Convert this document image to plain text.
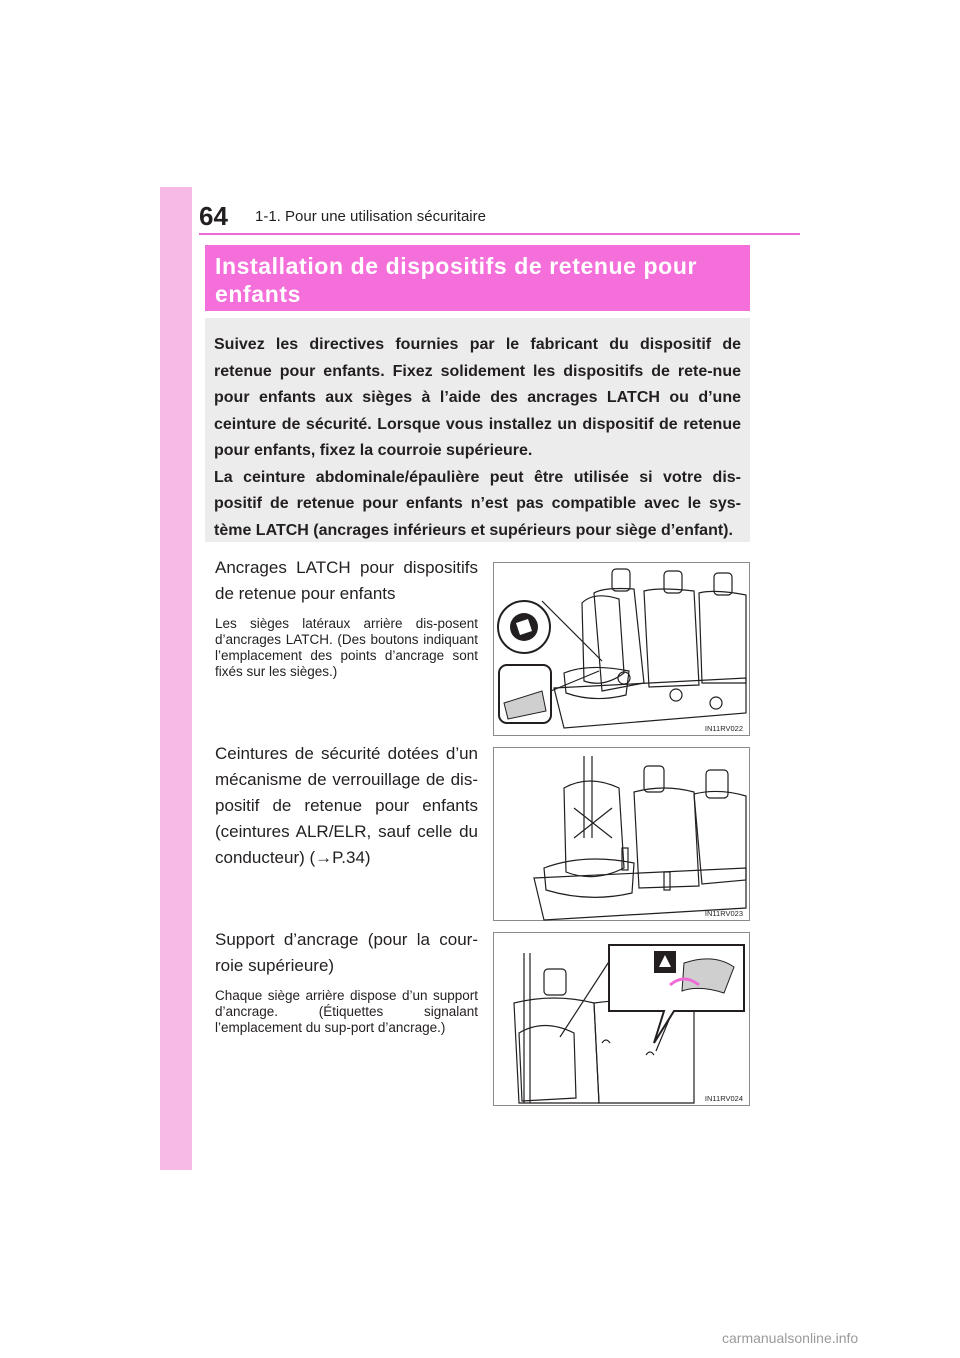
64 1-1. Pour une utilisation sécuritaire
Installation de dispositifs de retenue pour enfants

Suivez les directives fournies par le fabricant du dispositif de retenue pour enfants. Fixez solidement les dispositifs de rete-nue pour enfants aux sièges à l’aide des ancrages LATCH ou d’une ceinture de sécurité. Lorsque vous installez un dispositif de retenue pour enfants, fixez la courroie supérieure.

La ceinture abdominale/épaulière peut être utilisée si votre dis-positif de retenue pour enfants n’est pas compatible avec le sys-tème LATCH (ancrages inférieurs et supérieurs pour siège d’enfant).

Ancrages LATCH pour dispositifs de retenue pour enfants
Les sièges latéraux arrière dis-posent d’ancrages LATCH. (Des boutons indiquant l’emplacement des points d’ancrage sont fixés sur les sièges.)
IN11RV022
Ceintures de sécurité dotées d’un mécanisme de verrouillage de dis-positif de retenue pour enfants (ceintures ALR/ELR, sauf celle du conducteur) (→P.34)
IN11RV023
Support d’ancrage (pour la cour-roie supérieure)
Chaque siège arrière dispose d’un support d’ancrage. (Étiquettes signalant l’emplacement du sup-port d’ancrage.)
IN11RV024
carmanualsonline.info
